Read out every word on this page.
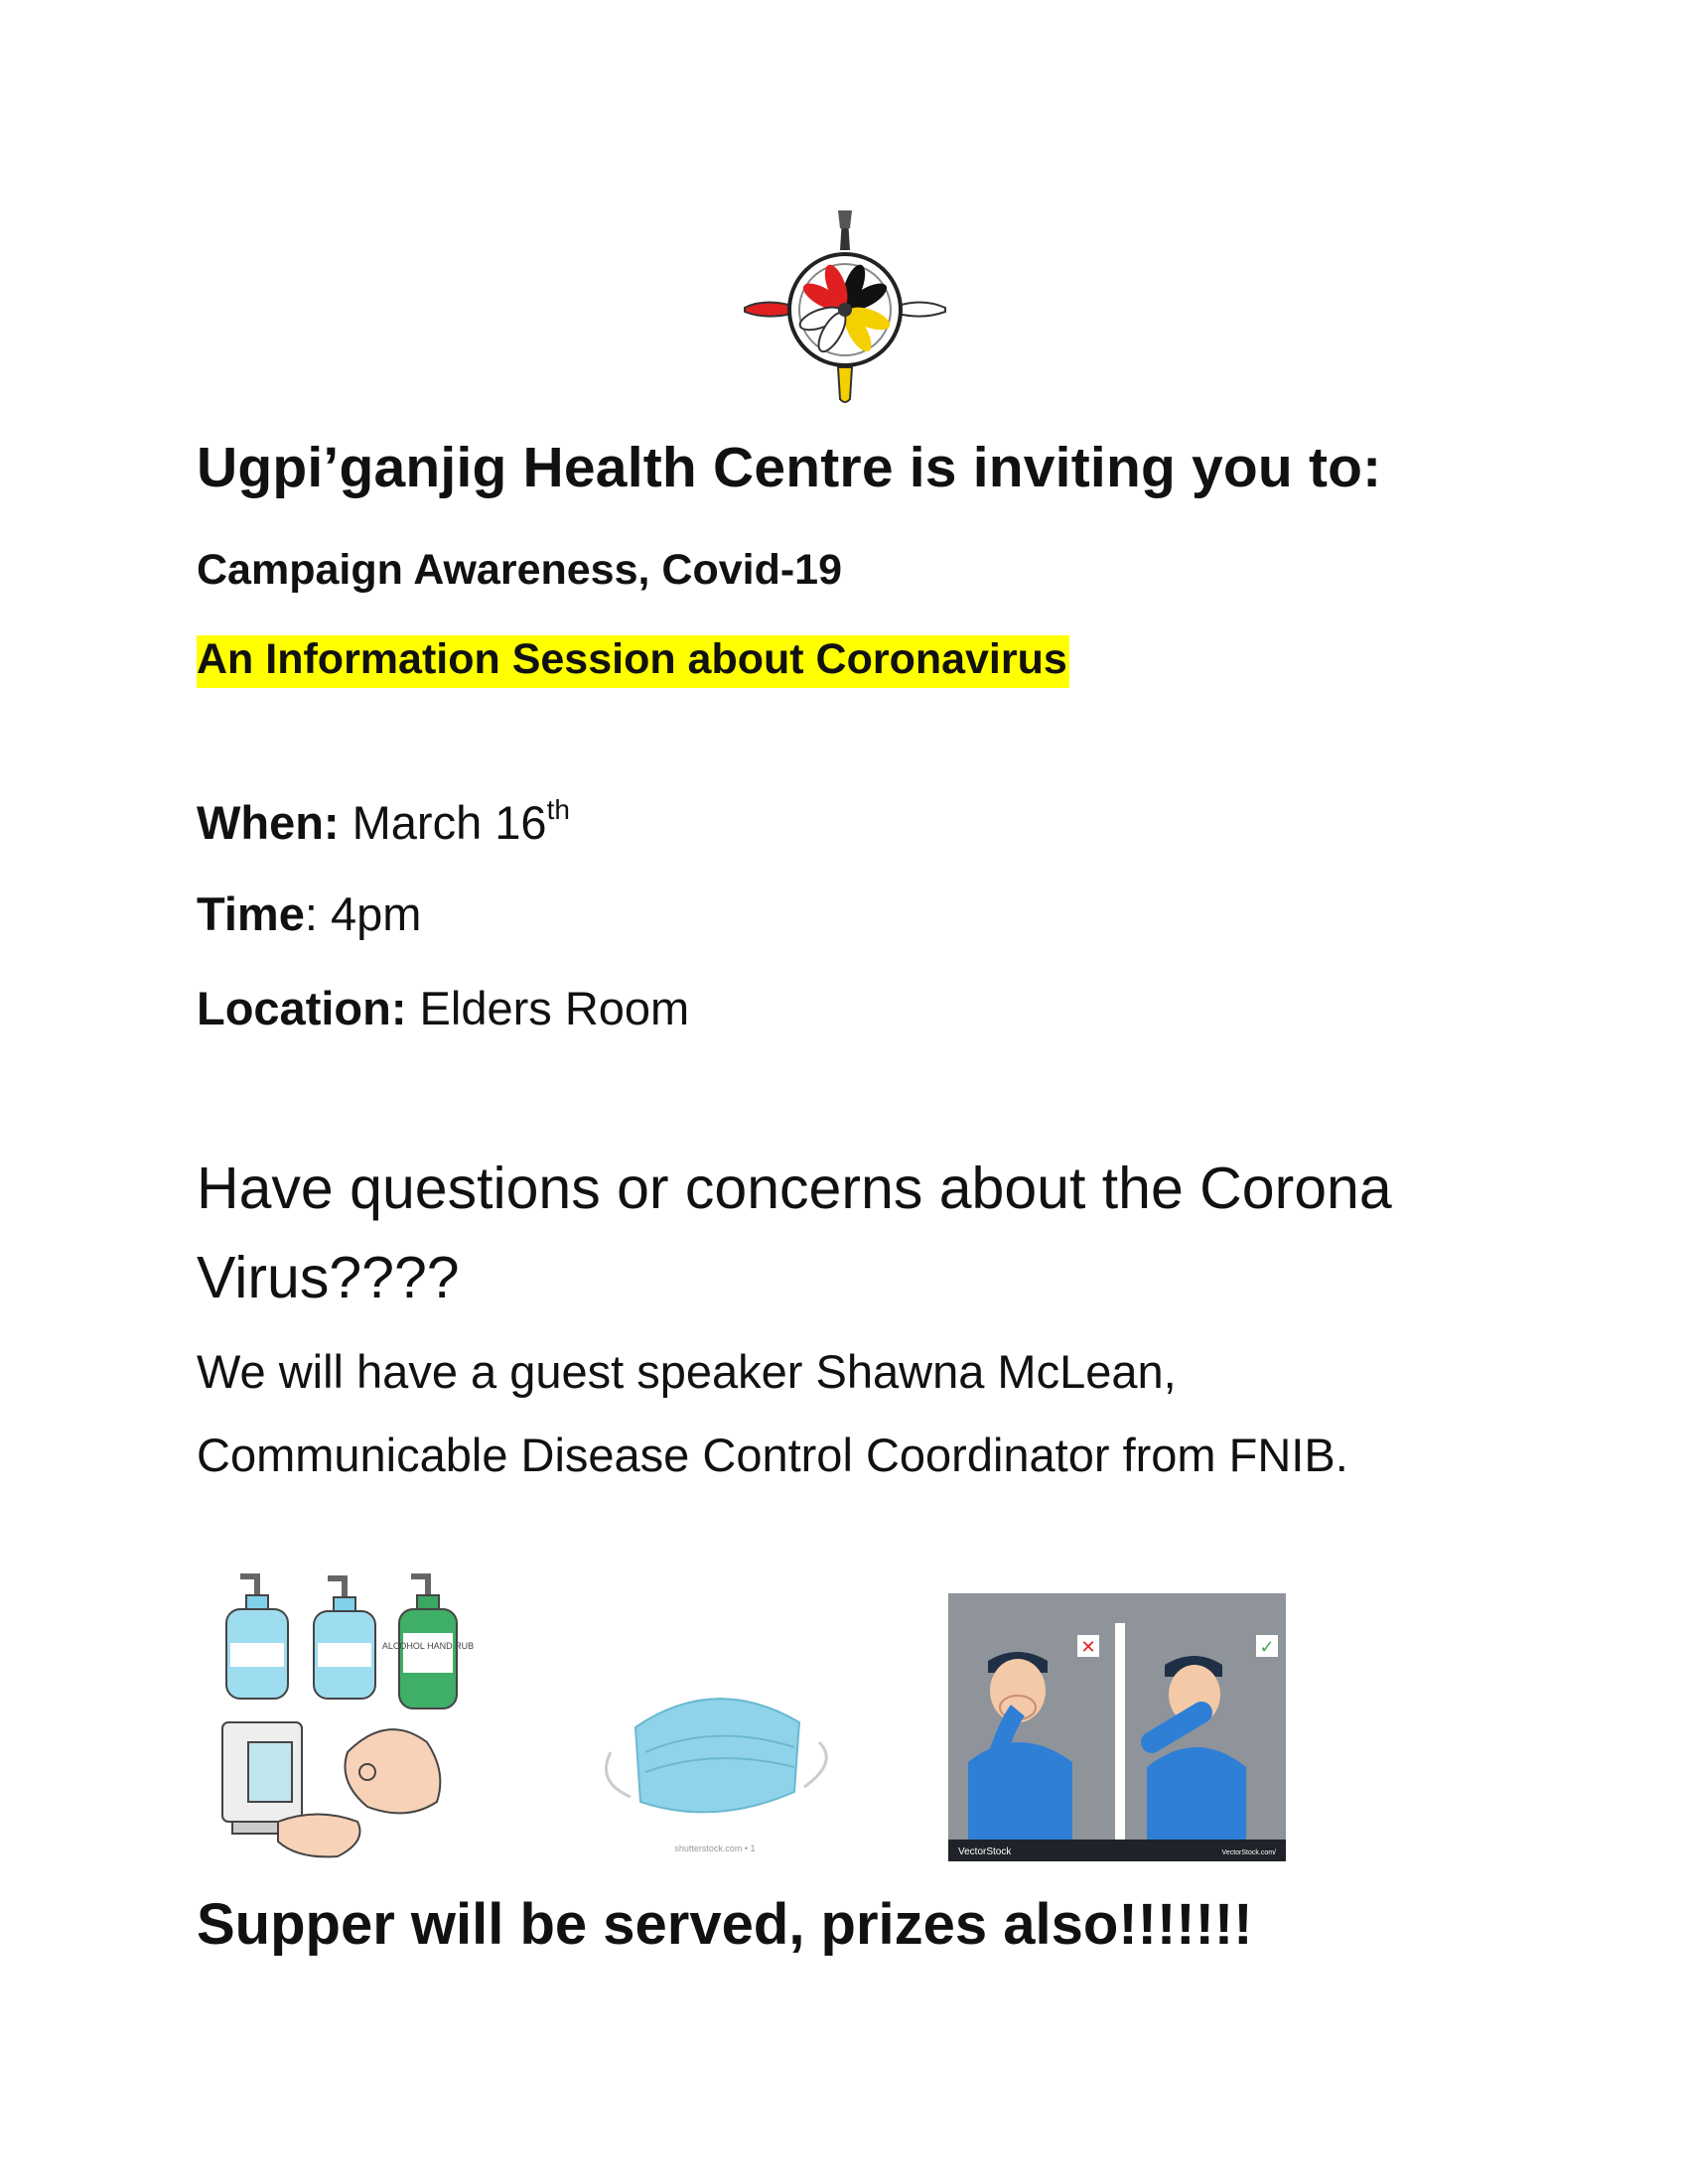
Ugpi’ganjig Health Centre is inviting you to:
Campaign Awareness, Covid-19
An Information Session about Coronavirus
When: March 16th
Time: 4pm
Location: Elders Room
Have questions or concerns about the Corona Virus????
We will have a guest speaker Shawna McLean,
Communicable Disease Control Coordinator from FNIB.
ALCOHOL HAND RUB
shutterstock.com • 1
✕	✓
VectorStock	VectorStock.com/
Supper will be served, prizes also!!!!!!!
